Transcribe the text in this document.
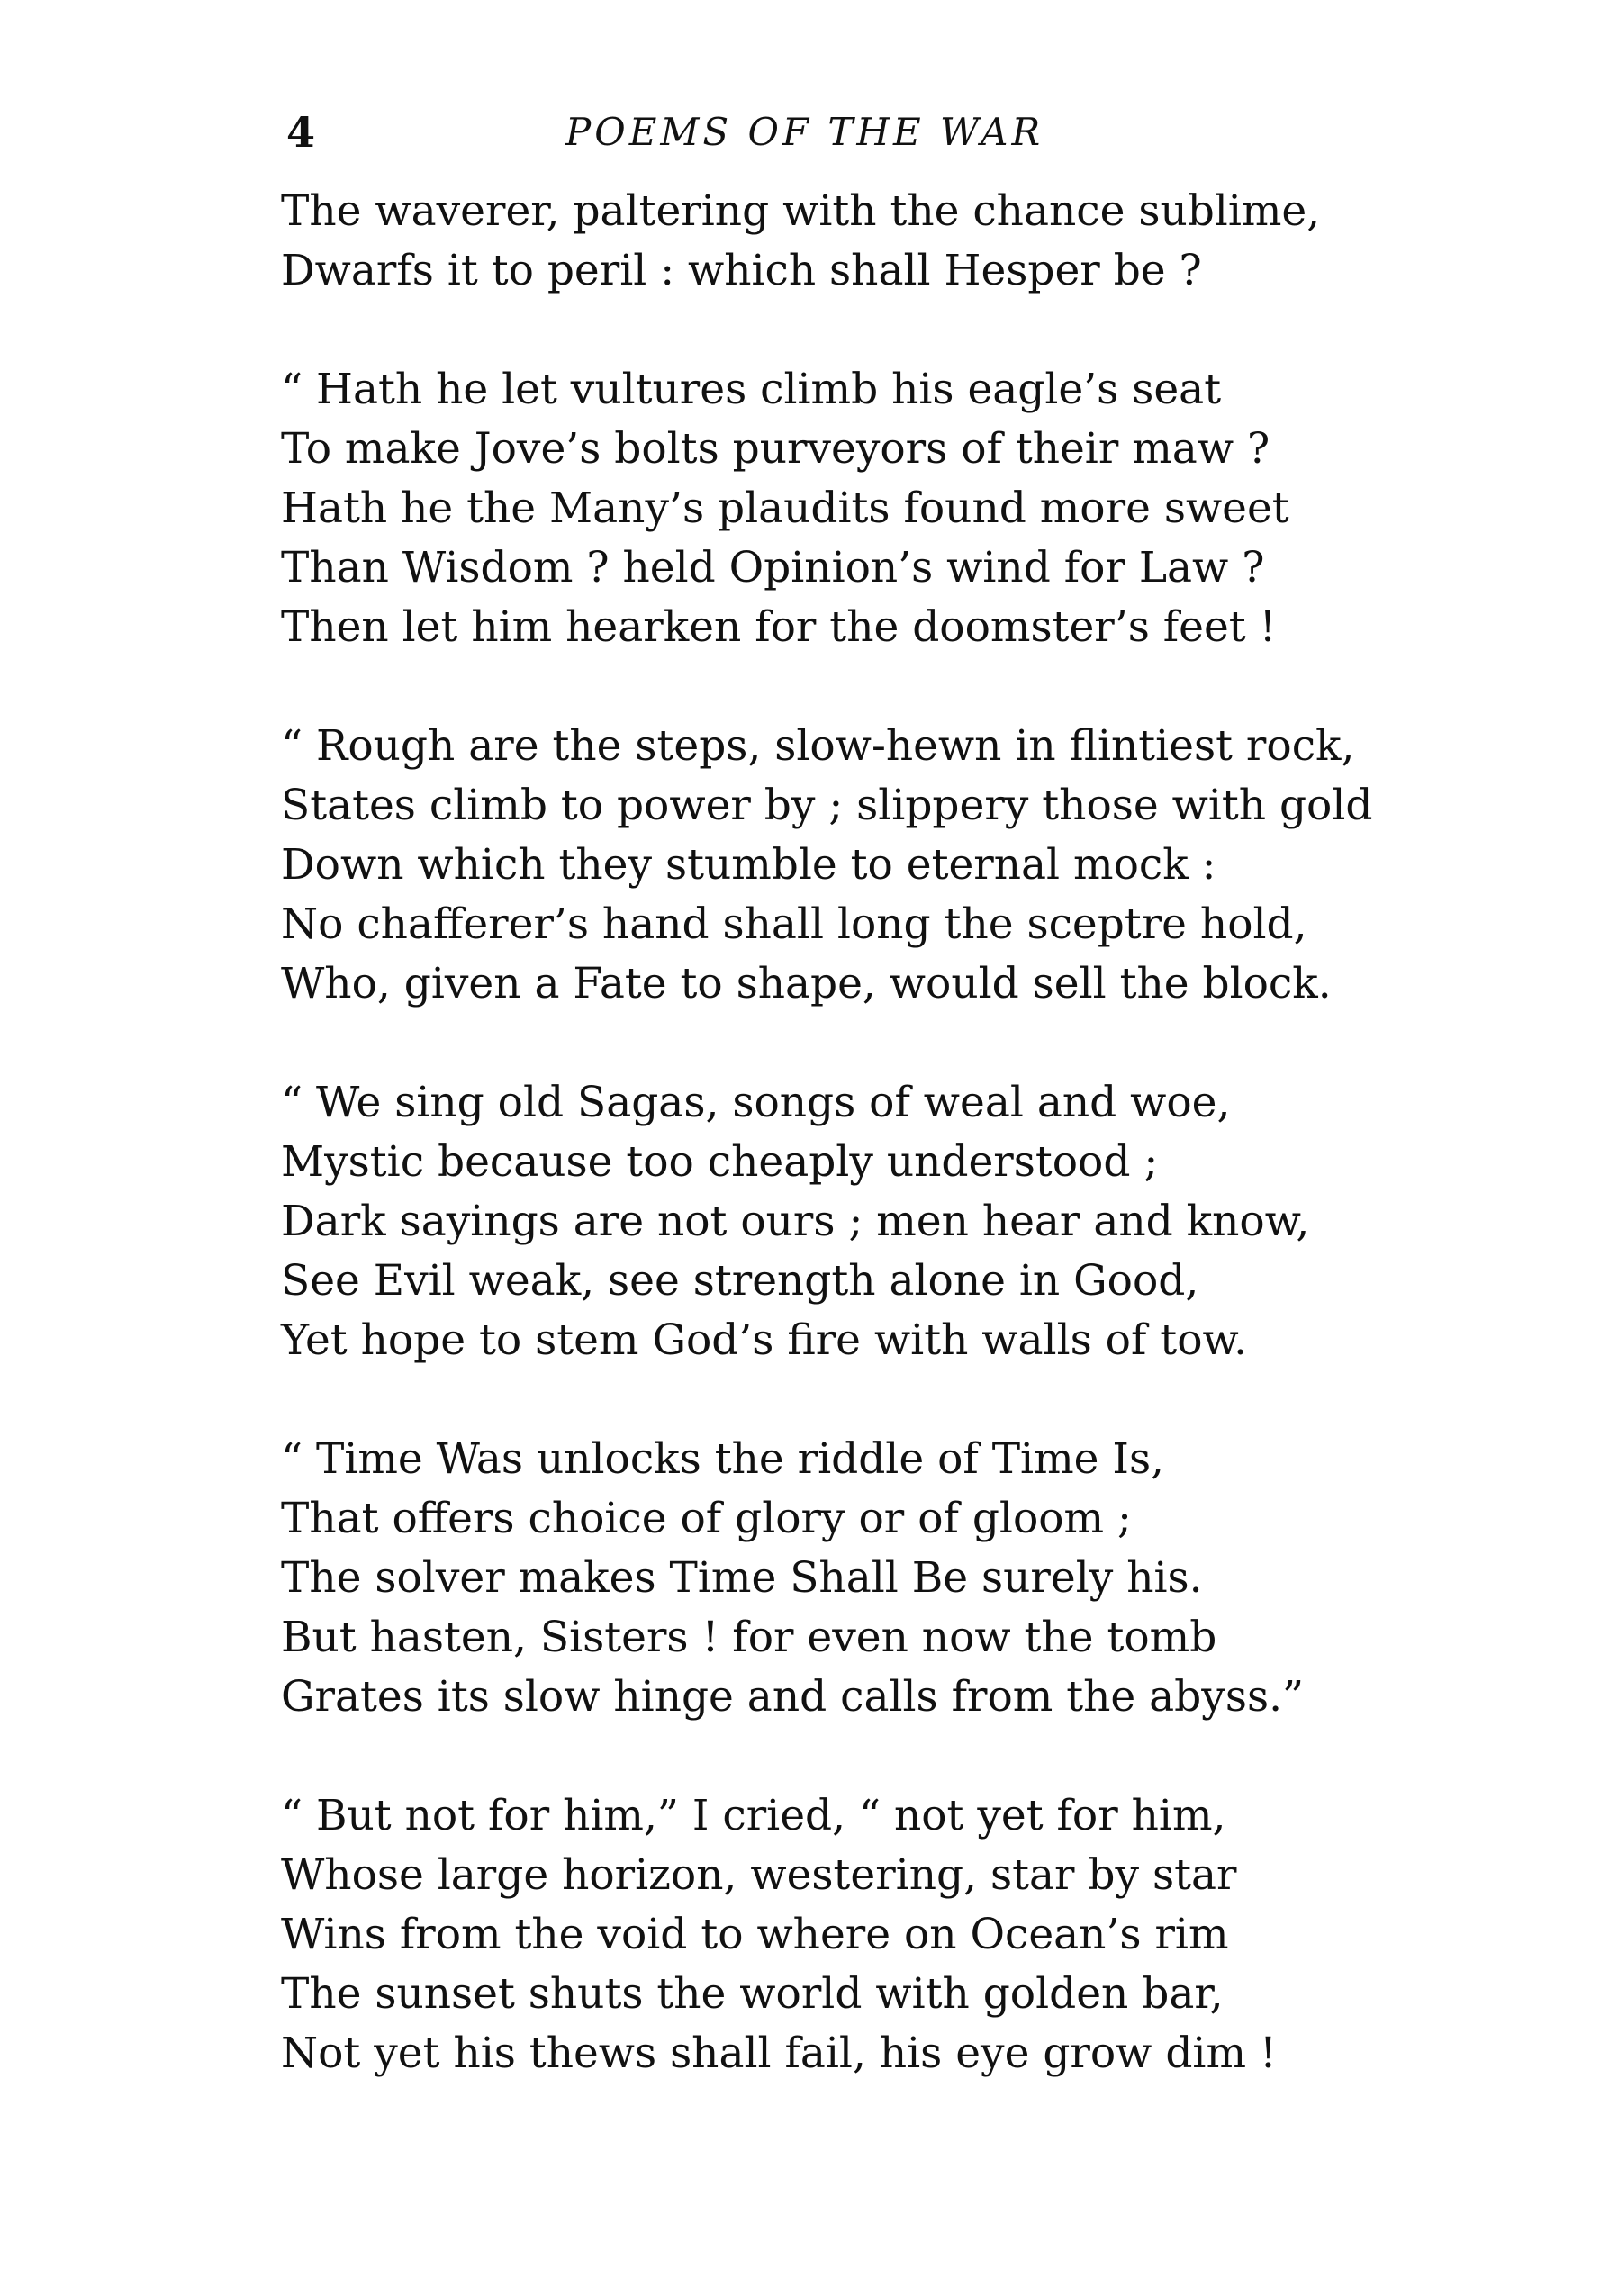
4	POEMS OF THE WAR
The waverer, paltering with the chance sublime,
Dwarfs it to peril : which shall Hesper be ?
“ Hath he let vultures climb his eagle’s seat
To make Jove’s bolts purveyors of their maw ?
Hath he the Many’s plaudits found more sweet
Than Wisdom ? held Opinion’s wind for Law ?
Then let him hearken for the doomster’s feet !
“ Rough are the steps, slow-hewn in flintiest rock,
States climb to power by ; slippery those with gold
Down which they stumble to eternal mock :
No chafferer’s hand shall long the sceptre hold,
Who, given a Fate to shape, would sell the block.
“ We sing old Sagas, songs of weal and woe,
Mystic because too cheaply understood ;
Dark sayings are not ours ; men hear and know,
See Evil weak, see strength alone in Good,
Yet hope to stem God’s fire with walls of tow.
“ Time Was unlocks the riddle of Time Is,
That offers choice of glory or of gloom ;
The solver makes Time Shall Be surely his.
But hasten, Sisters ! for even now the tomb
Grates its slow hinge and calls from the abyss.”
“ But not for him,” I cried, “ not yet for him,
Whose large horizon, westering, star by star
Wins from the void to where on Ocean’s rim
The sunset shuts the world with golden bar,
Not yet his thews shall fail, his eye grow dim !
